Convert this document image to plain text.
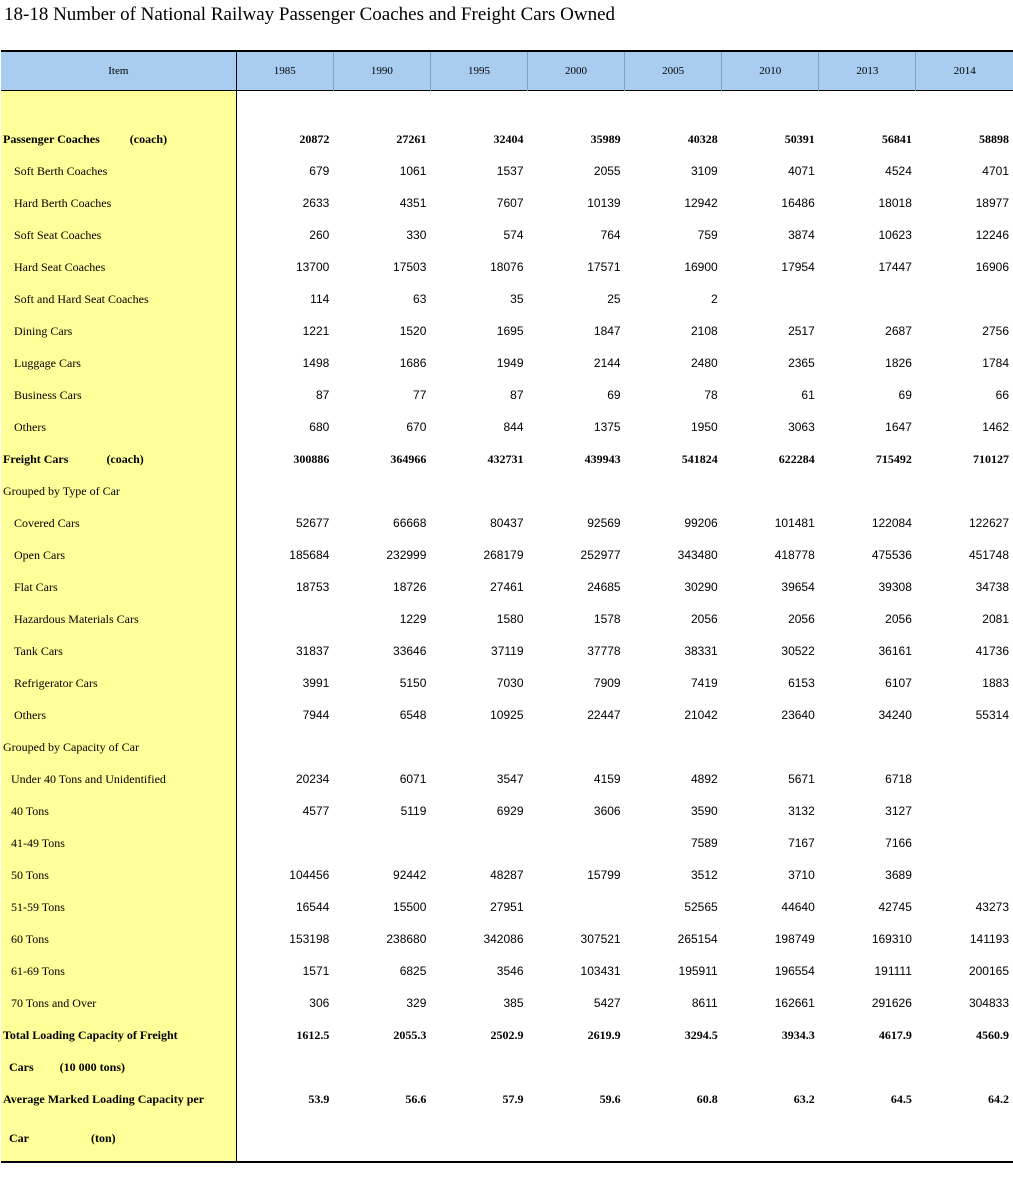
18-18 Number of National Railway Passenger Coaches and Freight Cars Owned
Item	1985	1990	1995	2000	2005	2010	2013	2014

Passenger Coaches (coach)	20872	27261	32404	35989	40328	50391	56841	58898
Soft Berth Coaches	679	1061	1537	2055	3109	4071	4524	4701
Hard Berth Coaches	2633	4351	7607	10139	12942	16486	18018	18977
Soft Seat Coaches	260	330	574	764	759	3874	10623	12246
Hard Seat Coaches	13700	17503	18076	17571	16900	17954	17447	16906
Soft and Hard Seat Coaches	114	63	35	25	2			
Dining Cars	1221	1520	1695	1847	2108	2517	2687	2756
Luggage Cars	1498	1686	1949	2144	2480	2365	1826	1784
Business Cars	87	77	87	69	78	61	69	66
Others	680	670	844	1375	1950	3063	1647	1462
Freight Cars (coach)	300886	364966	432731	439943	541824	622284	715492	710127
Grouped by Type of Car								
Covered Cars	52677	66668	80437	92569	99206	101481	122084	122627
Open Cars	185684	232999	268179	252977	343480	418778	475536	451748
Flat Cars	18753	18726	27461	24685	30290	39654	39308	34738
Hazardous Materials Cars		1229	1580	1578	2056	2056	2056	2081
Tank Cars	31837	33646	37119	37778	38331	30522	36161	41736
Refrigerator Cars	3991	5150	7030	7909	7419	6153	6107	1883
Others	7944	6548	10925	22447	21042	23640	34240	55314
Grouped by Capacity of Car								
Under 40 Tons and Unidentified	20234	6071	3547	4159	4892	5671	6718	
40 Tons	4577	5119	6929	3606	3590	3132	3127	
41-49 Tons					7589	7167	7166	
50 Tons	104456	92442	48287	15799	3512	3710	3689	
51-59 Tons	16544	15500	27951		52565	44640	42745	43273
60 Tons	153198	238680	342086	307521	265154	198749	169310	141193
61-69 Tons	1571	6825	3546	103431	195911	196554	191111	200165
70 Tons and Over	306	329	385	5427	8611	162661	291626	304833
Total Loading Capacity of Freight	1612.5	2055.3	2502.9	2619.9	3294.5	3934.3	4617.9	4560.9
Cars (10 000 tons)								
Average Marked Loading Capacity per	53.9	56.6	57.9	59.6	60.8	63.2	64.5	64.2
Car (ton)								
